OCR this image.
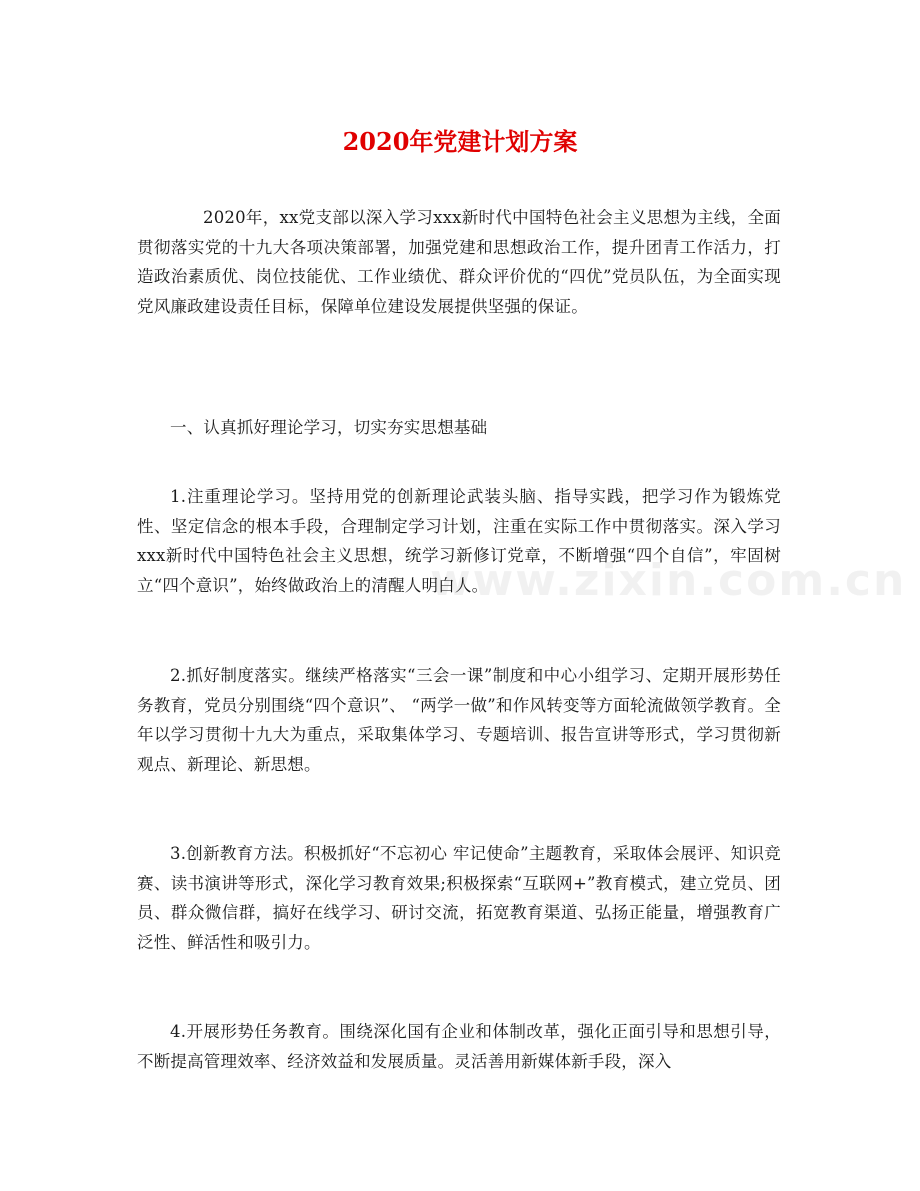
2020年党建计划方案

2020年，xx党支部以深入学习xxx新时代中国特色社会主义思想为主线，全面贯彻落实党的十九大各项决策部署，加强党建和思想政治工作，提升团青工作活力，打造政治素质优、岗位技能优、工作业绩优、群众评价优的“四优”党员队伍，为全面实现党风廉政建设责任目标，保障单位建设发展提供坚强的保证。

一、认真抓好理论学习，切实夯实思想基础

1.注重理论学习。坚持用党的创新理论武装头脑、指导实践，把学习作为锻炼党性、坚定信念的根本手段，合理制定学习计划，注重在实际工作中贯彻落实。深入学习xxx新时代中国特色社会主义思想，统学习新修订党章，不断增强“四个自信”，牢固树立“四个意识”，始终做政治上的清醒人明白人。

2.抓好制度落实。继续严格落实“三会一课”制度和中心小组学习、定期开展形势任务教育，党员分别围绕“四个意识”、 “两学一做”和作风转变等方面轮流做领学教育。全年以学习贯彻十九大为重点，采取集体学习、专题培训、报告宣讲等形式，学习贯彻新观点、新理论、新思想。

3.创新教育方法。积极抓好“不忘初心 牢记使命”主题教育，采取体会展评、知识竞赛、读书演讲等形式，深化学习教育效果;积极探索“互联网+”教育模式，建立党员、团员、群众微信群，搞好在线学习、研讨交流，拓宽教育渠道、弘扬正能量，增强教育广泛性、鲜活性和吸引力。

4.开展形势任务教育。围绕深化国有企业和体制改革，强化正面引导和思想引导，不断提高管理效率、经济效益和发展质量。灵活善用新媒体新手段，深入

www.zixin.com.cn
